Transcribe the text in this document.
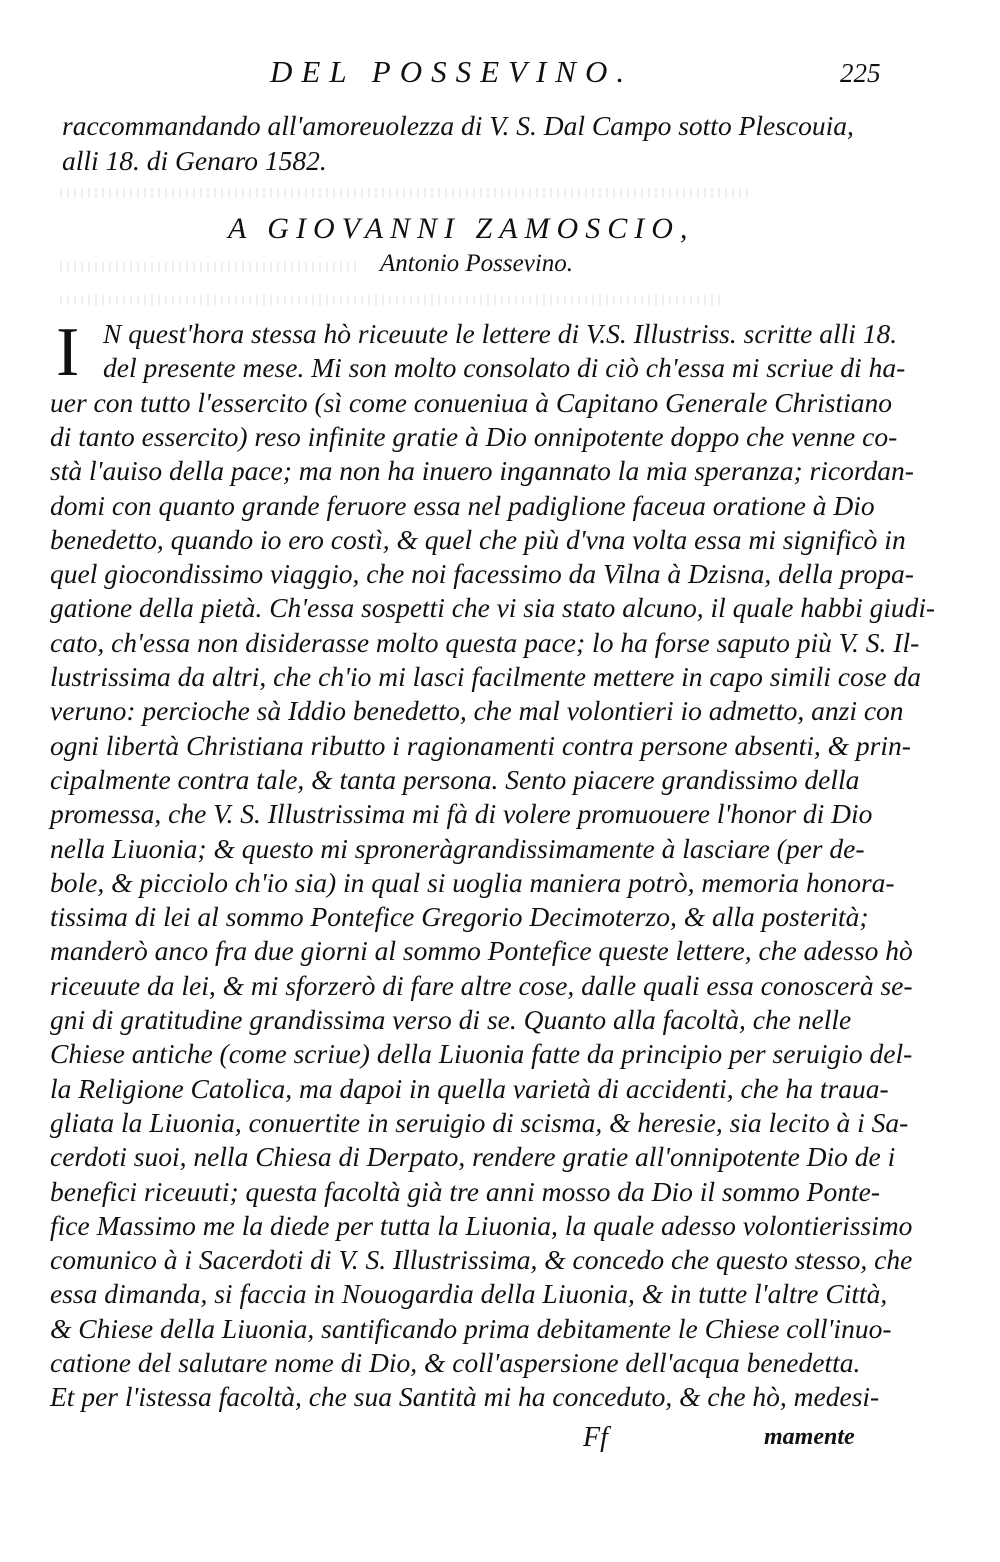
DEL POSSEVINO.	225
raccommandando all'amoreuolezza di V. S. Dal Campo sotto Plescouia,
alli 18. di Genaro 1582.
A GIOVANNI ZAMOSCIO,
Antonio Possevino.
I N quest'hora stessa hò riceuute le lettere di V.S. Illustriss. scritte alli 18.
del presente mese. Mi son molto consolato di ciò ch'essa mi scriue di ha-
uer con tutto l'essercito (sì come conueniua à Capitano Generale Christiano
di tanto essercito) reso infinite gratie à Dio onnipotente doppo che venne co-
stà l'auiso della pace; ma non ha inuero ingannato la mia speranza; ricordan-
domi con quanto grande feruore essa nel padiglione faceua oratione à Dio
benedetto, quando io ero costì, & quel che più d'vna volta essa mi significò in
quel giocondissimo viaggio, che noi facessimo da Vilna à Dzisna, della propa-
gatione della pietà. Ch'essa sospetti che vi sia stato alcuno, il quale habbi giudi-
cato, ch'essa non disiderasse molto questa pace; lo ha forse saputo più V. S. Il-
lustrissima da altri, che ch'io mi lasci facilmente mettere in capo simili cose da
veruno: percioche sà Iddio benedetto, che mal volontieri io admetto, anzi con
ogni libertà Christiana ributto i ragionamenti contra persone absenti, & prin-
cipalmente contra tale, & tanta persona. Sento piacere grandissimo della
promessa, che V. S. Illustrissima mi fà di volere promuouere l'honor di Dio
nella Liuonia; & questo mi sproneràgrandissimamente à lasciare (per de-
bole, & picciolo ch'io sia) in qual si uoglia maniera potrò, memoria honora-
tissima di lei al sommo Pontefice Gregorio Decimoterzo, & alla posterità;
manderò anco fra due giorni al sommo Pontefice queste lettere, che adesso hò
riceuute da lei, & mi sforzerò di fare altre cose, dalle quali essa conoscerà se-
gni di gratitudine grandissima verso di se. Quanto alla facoltà, che nelle
Chiese antiche (come scriue) della Liuonia fatte da principio per seruigio del-
la Religione Catolica, ma dapoi in quella varietà di accidenti, che ha traua-
gliata la Liuonia, conuertite in seruigio di scisma, & heresie, sia lecito à i Sa-
cerdoti suoi, nella Chiesa di Derpato, rendere gratie all'onnipotente Dio de i
benefici riceuuti; questa facoltà già tre anni mosso da Dio il sommo Ponte-
fice Massimo me la diede per tutta la Liuonia, la quale adesso volontierissimo
comunico à i Sacerdoti di V. S. Illustrissima, & concedo che questo stesso, che
essa dimanda, si faccia in Nouogardia della Liuonia, & in tutte l'altre Città,
& Chiese della Liuonia, santificando prima debitamente le Chiese coll'inuo-
catione del salutare nome di Dio, & coll'aspersione dell'acqua benedetta.
Et per l'istessa facoltà, che sua Santità mi ha conceduto, & che hò, medesi-
Ff	mamente
